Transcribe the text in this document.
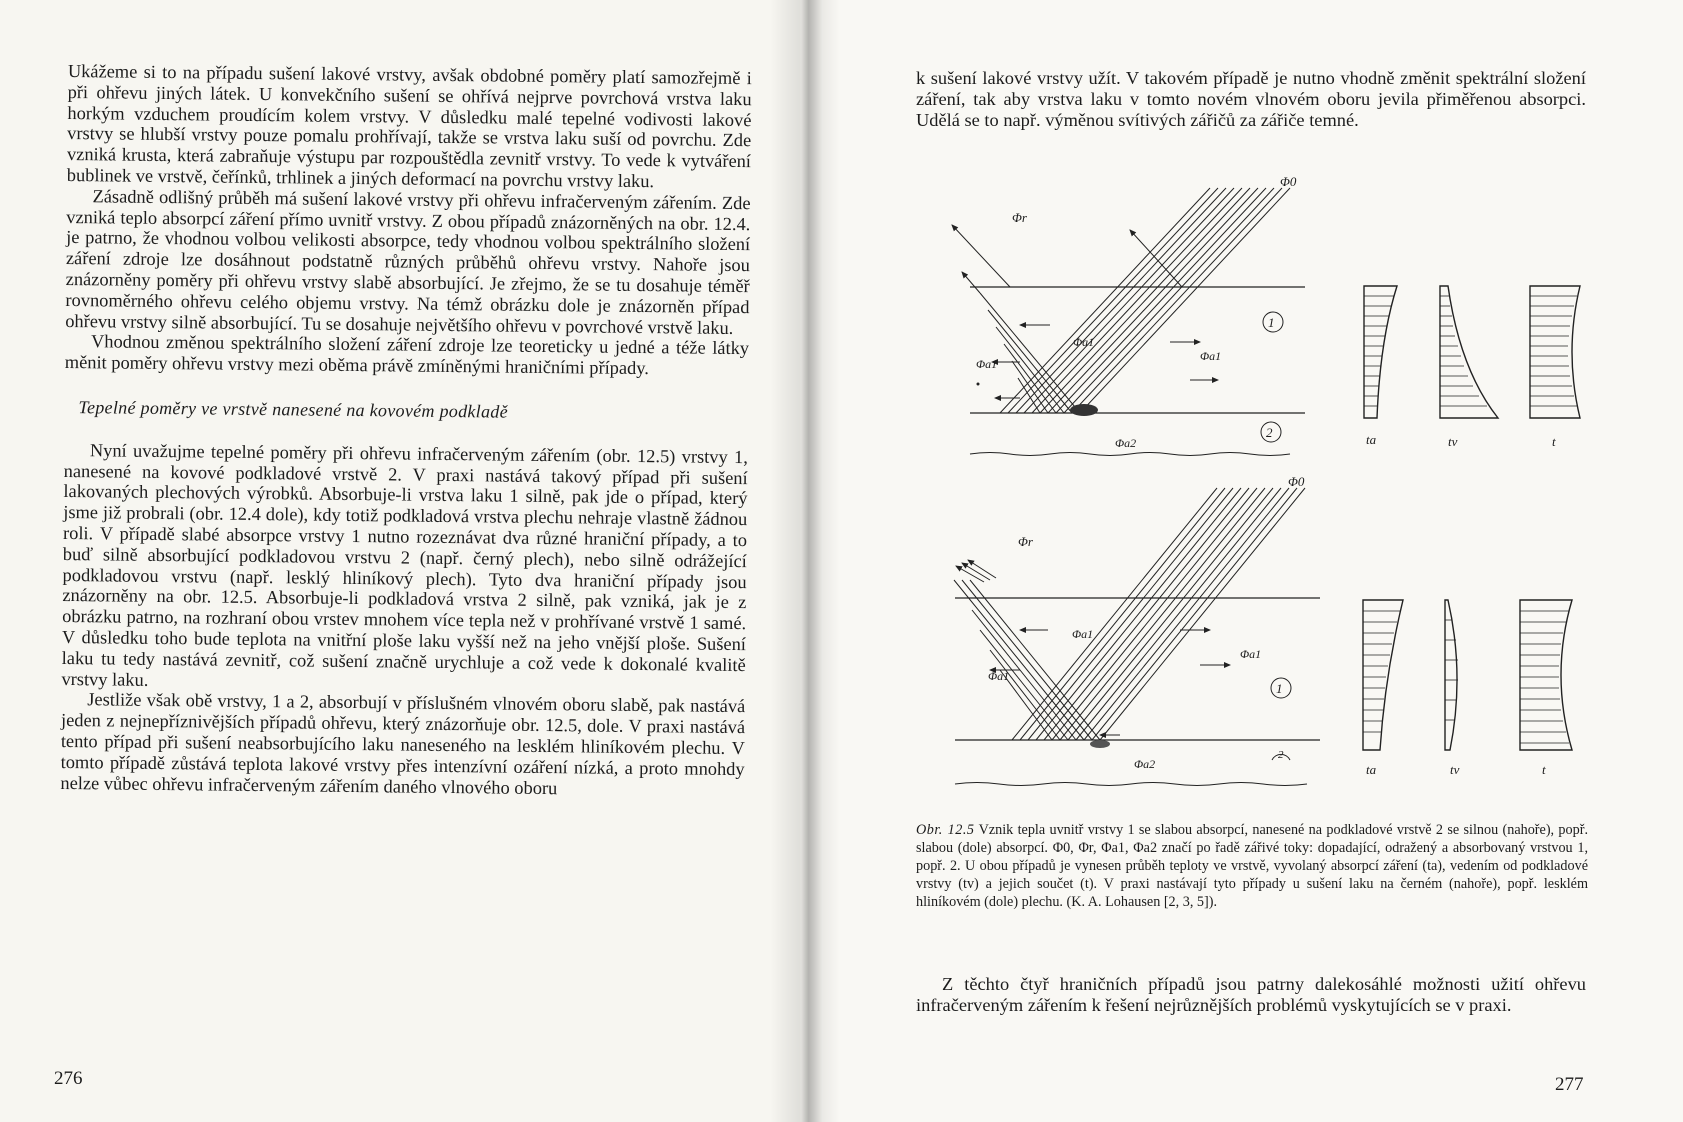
Ukážeme si to na případu sušení lakové vrstvy, avšak obdobné poměry platí samozřejmě i při ohřevu jiných látek. U konvekčního sušení se ohřívá nejprve povrchová vrstva laku horkým vzduchem proudícím kolem vrstvy. V důsledku malé tepelné vodivosti lakové vrstvy se hlubší vrstvy pouze pomalu prohřívají, takže se vrstva laku suší od povrchu. Zde vzniká krusta, která zabraňuje výstupu par rozpouštědla zevnitř vrstvy. To vede k vytváření bublinek ve vrstvě, čeřínků, trhlinek a jiných deformací na povrchu vrstvy laku.

Zásadně odlišný průběh má sušení lakové vrstvy při ohřevu infračerveným zářením. Zde vzniká teplo absorpcí záření přímo uvnitř vrstvy. Z obou případů znázorněných na obr. 12.4. je patrno, že vhodnou volbou velikosti absorpce, tedy vhodnou volbou spektrálního složení záření zdroje lze dosáhnout podstatně různých průběhů ohřevu vrstvy. Nahoře jsou znázorněny poměry při ohřevu vrstvy slabě absorbující. Je zřejmo, že se tu dosahuje téměř rovnoměrného ohřevu celého objemu vrstvy. Na témž obrázku dole je znázorněn případ ohřevu vrstvy silně absorbující. Tu se dosahuje největšího ohřevu v povrchové vrstvě laku.

Vhodnou změnou spektrálního složení záření zdroje lze teoreticky u jedné a téže látky měnit poměry ohřevu vrstvy mezi oběma právě zmíněnými hraničními případy.

Tepelné poměry ve vrstvě nanesené na kovovém podkladě

Nyní uvažujme tepelné poměry při ohřevu infračerveným zářením (obr. 12.5) vrstvy 1, nanesené na kovové podkladové vrstvě 2. V praxi nastává takový případ při sušení lakovaných plechových výrobků. Absorbuje-li vrstva laku 1 silně, pak jde o případ, který jsme již probrali (obr. 12.4 dole), kdy totiž podkladová vrstva plechu nehraje vlastně žádnou roli. V případě slabé absorpce vrstvy 1 nutno rozeznávat dva různé hraniční případy, a to buď silně absorbující podkladovou vrstvu 2 (např. černý plech), nebo silně odrážející podkladovou vrstvu (např. lesklý hliníkový plech). Tyto dva hraniční případy jsou znázorněny na obr. 12.5. Absorbuje-li podkladová vrstva 2 silně, pak vzniká, jak je z obrázku patrno, na rozhraní obou vrstev mnohem více tepla než v prohřívané vrstvě 1 samé. V důsledku toho bude teplota na vnitřní ploše laku vyšší než na jeho vnější ploše. Sušení laku tu tedy nastává zevnitř, což sušení značně urychluje a což vede k dokonalé kvalitě vrstvy laku.

Jestliže však obě vrstvy, 1 a 2, absorbují v příslušném vlnovém oboru slabě, pak nastává jeden z nejnepříznivějších případů ohřevu, který znázorňuje obr. 12.5, dole. V praxi nastává tento případ při sušení neabsorbujícího laku naneseného na lesklém hliníkovém plechu. V tomto případě zůstává teplota lakové vrstvy přes intenzívní ozáření nízká, a proto mnohdy nelze vůbec ohřevu infračerveným zářením daného vlnového oboru

276

k sušení lakové vrstvy užít. V takovém případě je nutno vhodně změnit spektrální složení záření, tak aby vrstva laku v tomto novém vlnovém oboru jevila přiměřenou absorpci. Udělá se to např. výměnou svítivých zářičů za zářiče temné.

Φ0
Φr
Φa1
Φa1
Φa1
Φa2
1
2	ta	tv	t
Φ0
Φr
Φa1
Φa1
Φa1
Φa2
1
2
ta	tv	t
Obr. 12.5 Vznik tepla uvnitř vrstvy 1 se slabou absorpcí, nanesené na podkladové vrstvě 2 se silnou (nahoře), popř. slabou (dole) absorpcí. Φ0, Φr, Φa1, Φa2 značí po řadě zářivé toky: dopadající, odražený a absorbovaný vrstvou 1, popř. 2. U obou případů je vynesen průběh teploty ve vrstvě, vyvolaný absorpcí záření (ta), vedením od podkladové vrstvy (tv) a jejich součet (t). V praxi nastávají tyto případy u sušení laku na černém (nahoře), popř. lesklém hliníkovém (dole) plechu. (K. A. Lohausen [2, 3, 5]).

Z těchto čtyř hraničních případů jsou patrny dalekosáhlé možnosti užití ohřevu infračerveným zářením k řešení nejrůznějších problémů vyskytujících se v praxi.

277
